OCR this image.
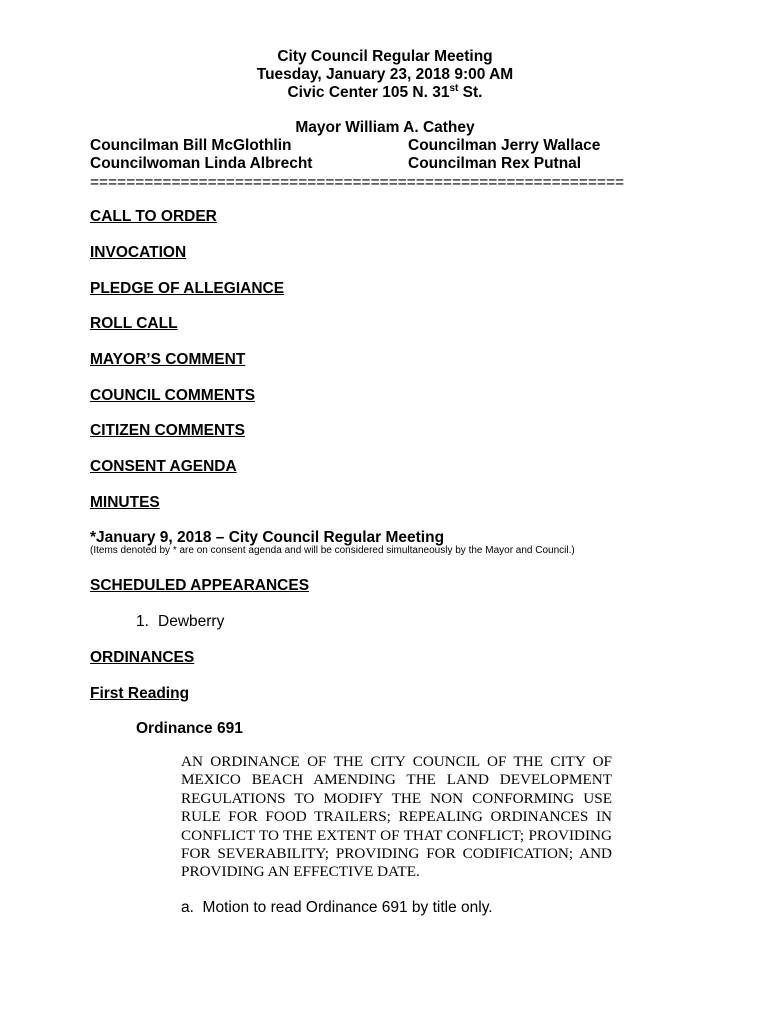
City Council Regular Meeting
Tuesday, January 23, 2018 9:00 AM
Civic Center 105 N. 31st St.
Mayor William A. Cathey
Councilman Bill McGlothlin	Councilman Jerry Wallace
Councilwoman Linda Albrecht	Councilman Rex Putnal
===========================================================
CALL TO ORDER
INVOCATION
PLEDGE OF ALLEGIANCE
ROLL CALL
MAYOR’S COMMENT
COUNCIL COMMENTS
CITIZEN COMMENTS
CONSENT AGENDA
MINUTES
*January 9, 2018 – City Council Regular Meeting
(Items denoted by * are on consent agenda and will be considered simultaneously by the Mayor and Council.)
SCHEDULED APPEARANCES
1. Dewberry
ORDINANCES
First Reading
Ordinance 691
AN ORDINANCE OF THE CITY COUNCIL OF THE CITY OF
MEXICO BEACH AMENDING THE LAND DEVELOPMENT
REGULATIONS TO MODIFY THE NON CONFORMING USE
RULE FOR FOOD TRAILERS; REPEALING ORDINANCES IN
CONFLICT TO THE EXTENT OF THAT CONFLICT; PROVIDING
FOR SEVERABILITY; PROVIDING FOR CODIFICATION; AND
PROVIDING AN EFFECTIVE DATE.
a.  Motion to read Ordinance 691 by title only.
